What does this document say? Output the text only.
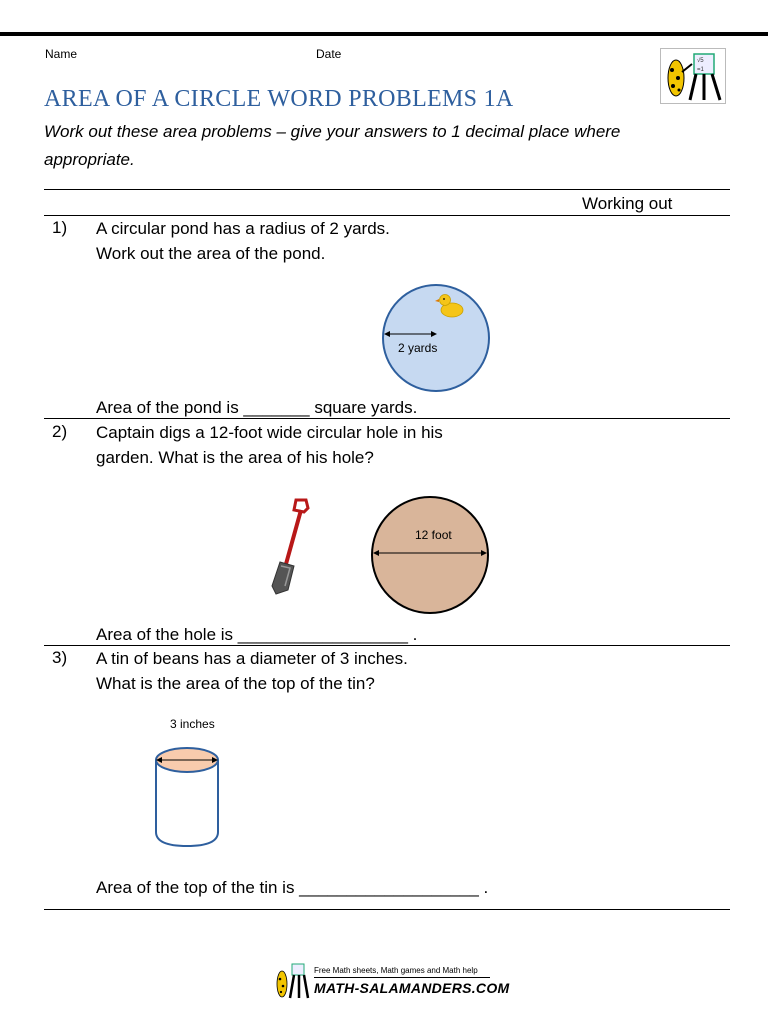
Name	Date	√5
=1
AREA OF A CIRCLE WORD PROBLEMS 1A
Work out these area problems – give your answers to 1 decimal place where
appropriate.
Working out
1) A circular pond has a radius of 2 yards.
Work out the area of the pond.
2 yards
Area of the pond is _______ square yards.
2) Captain digs a 12-foot wide circular hole in his
garden. What is the area of his hole?
12 foot
Area of the hole is __________________ .
3) A tin of beans has a diameter of 3 inches.
What is the area of the top of the tin?
3 inches
Area of the top of the tin is ___________________ .
Free Math sheets, Math games and Math help
MATH-SALAMANDERS.COM
